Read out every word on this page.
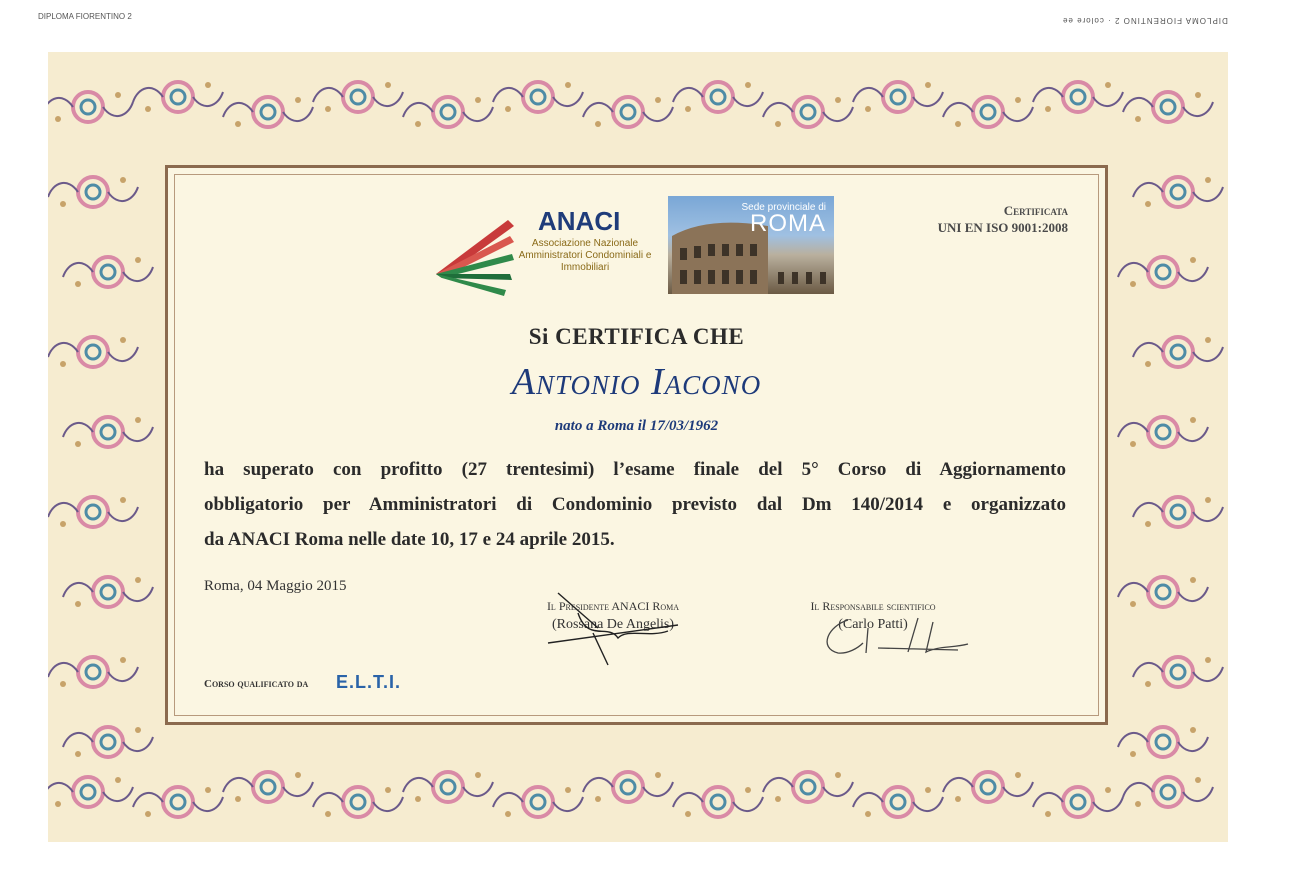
DIPLOMA FIORENTINO 2	DIPLOMA FIORENTINO 2 · colore ee
ANACI
Associazione Nazionale Amministratori Condominiali e Immobiliari
Sede provinciale di
ROMA	Certificata
UNI EN ISO 9001:2008
Si CERTIFICA CHE
Antonio Iacono
nato a Roma il 17/03/1962
ha superato con profitto (27 trentesimi) l’esame finale del 5° Corso di Aggiornamento
obbligatorio per Amministratori di Condominio previsto dal Dm 140/2014 e organizzato
da ANACI Roma nelle date 10, 17 e 24 aprile 2015.
Roma, 04 Maggio 2015
Il Presidente ANACI Roma
(Rossana De Angelis)
Il Responsabile scientifico
(Carlo Patti)
Corso qualificato da E.L.T.I.
